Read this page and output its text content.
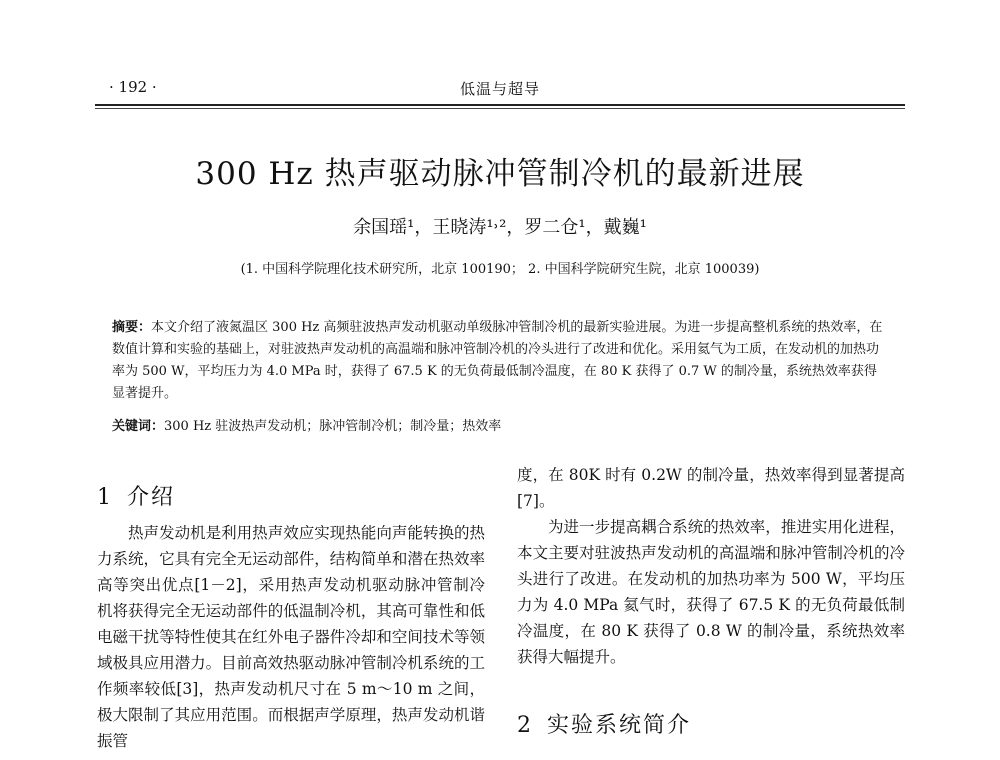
· 192 ·	低温与超导
300 Hz 热声驱动脉冲管制冷机的最新进展
余国瑶¹，王晓涛¹˒²，罗二仓¹，戴巍¹
(1. 中国科学院理化技术研究所，北京 100190； 2. 中国科学院研究生院，北京 100039)
摘要：本文介绍了液氮温区 300 Hz 高频驻波热声发动机驱动单级脉冲管制冷机的最新实验进展。为进一步提高整机系统的热效率，在数值计算和实验的基础上，对驻波热声发动机的高温端和脉冲管制冷机的冷头进行了改进和优化。采用氦气为工质，在发动机的加热功率为 500 W，平均压力为 4.0 MPa 时，获得了 67.5 K 的无负荷最低制冷温度，在 80 K 获得了 0.7 W 的制冷量，系统热效率获得显著提升。
关键词：300 Hz 驻波热声发动机；脉冲管制冷机；制冷量；热效率
1 介绍

热声发动机是利用热声效应实现热能向声能转换的热力系统，它具有完全无运动部件，结构简单和潜在热效率高等突出优点[1－2]，采用热声发动机驱动脉冲管制冷机将获得完全无运动部件的低温制冷机，其高可靠性和低电磁干扰等特性使其在红外电子器件冷却和空间技术等领域极具应用潜力。目前高效热驱动脉冲管制冷机系统的工作频率较低[3]，热声发动机尺寸在 5 m～10 m 之间，极大限制了其应用范围。而根据声学原理，热声发动机谐振管

度，在 80K 时有 0.2W 的制冷量，热效率得到显著提高[7]。

为进一步提高耦合系统的热效率，推进实用化进程，本文主要对驻波热声发动机的高温端和脉冲管制冷机的冷头进行了改进。在发动机的加热功率为 500 W，平均压力为 4.0 MPa 氦气时，获得了 67.5 K 的无负荷最低制冷温度，在 80 K 获得了 0.8 W 的制冷量，系统热效率获得大幅提升。

2 实验系统简介
